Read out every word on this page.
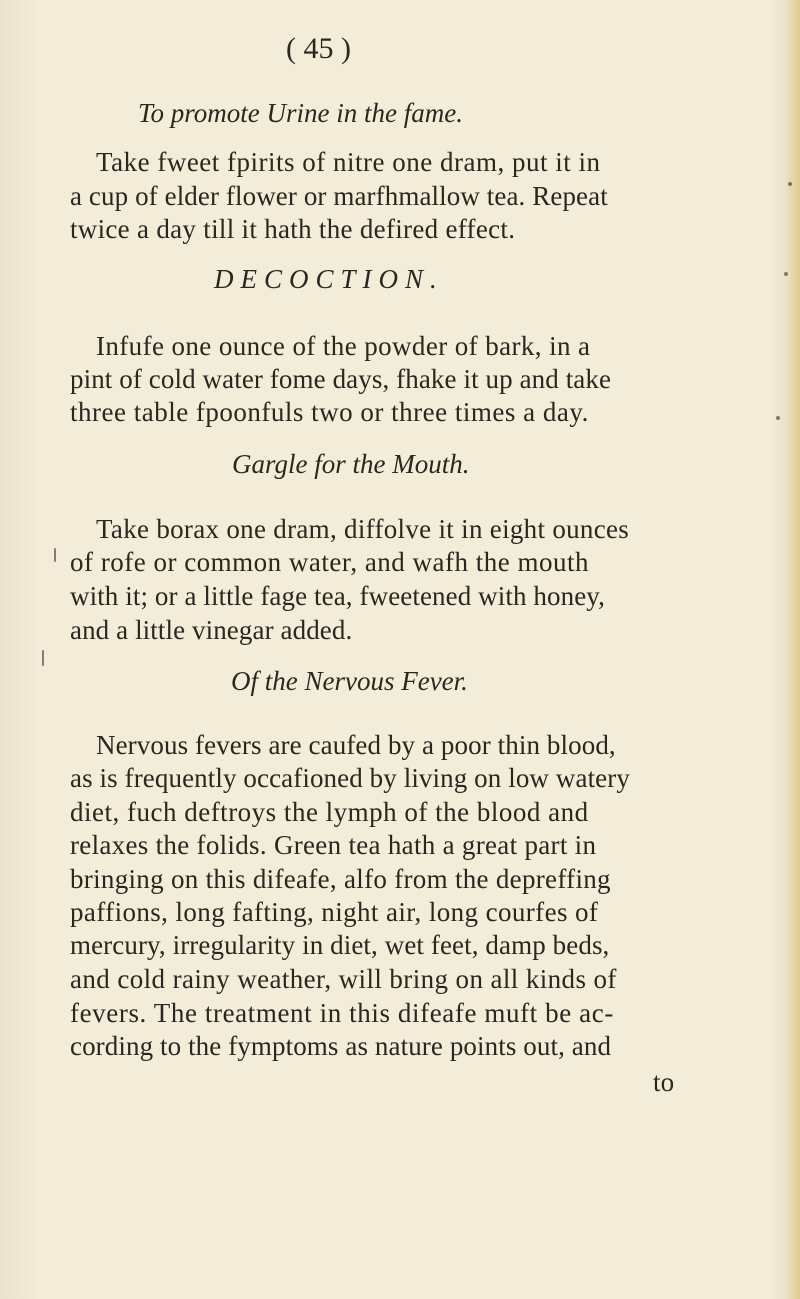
( 45 )
To promote Urine in the fame.
Take fweet fpirits of nitre one dram, put it in
a cup of elder flower or marfhmallow tea. Repeat
twice a day till it hath the defired effect.
DECOCTION.
Infufe one ounce of the powder of bark, in a
pint of cold water fome days, fhake it up and take
three table fpoonfuls two or three times a day.
Gargle for the Mouth.
Take borax one dram, diffolve it in eight ounces
of rofe or common water, and wafh the mouth
with it; or a little fage tea, fweetened with honey,
and a little vinegar added.
Of the Nervous Fever.
Nervous fevers are caufed by a poor thin blood,
as is frequently occafioned by living on low watery
diet, fuch deftroys the lymph of the blood and
relaxes the folids. Green tea hath a great part in
bringing on this difeafe, alfo from the depreffing
paffions, long fafting, night air, long courfes of
mercury, irregularity in diet, wet feet, damp beds,
and cold rainy weather, will bring on all kinds of
fevers. The treatment in this difeafe muft be ac-
cording to the fymptoms as nature points out, and
to
